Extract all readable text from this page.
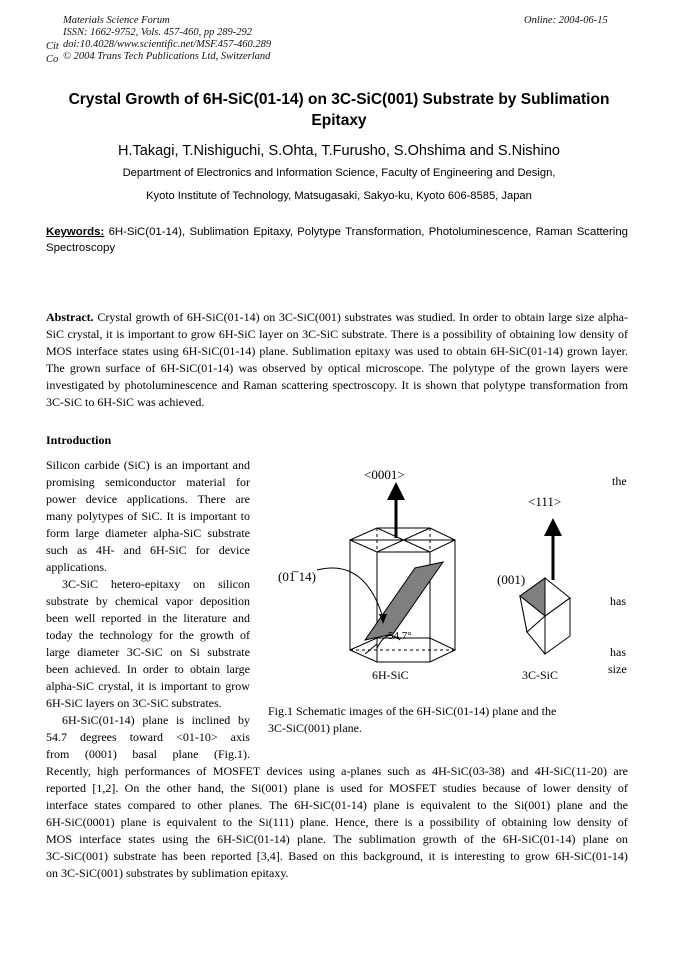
Materials Science Forum
ISSN: 1662-9752, Vols. 457-460, pp 289-292
Cit doi:10.4028/www.scientific.net/MSF.457-460.289
Co © 2004 Trans Tech Publications Ltd, Switzerland
Online: 2004-06-15
Crystal Growth of 6H-SiC(01-14) on 3C-SiC(001) Substrate by Sublimation Epitaxy
H.Takagi, T.Nishiguchi, S.Ohta, T.Furusho, S.Ohshima and S.Nishino
Department of Electronics and Information Science, Faculty of Engineering and Design,
Kyoto Institute of Technology, Matsugasaki, Sakyo-ku, Kyoto 606-8585, Japan
Keywords: 6H-SiC(01-14), Sublimation Epitaxy, Polytype Transformation, Photoluminescence, Raman Scattering Spectroscopy
Abstract. Crystal growth of 6H-SiC(01-14) on 3C-SiC(001) substrates was studied. In order to obtain large size alpha-SiC crystal, it is important to grow 6H-SiC layer on 3C-SiC substrate. There is a possibility of obtaining low density of MOS interface states using 6H-SiC(01-14) plane. Sublimation epitaxy was used to obtain 6H-SiC(01-14) grown layer. The grown surface of 6H-SiC(01-14) was observed by optical microscope. The polytype of the grown layers were investigated by photoluminescence and Raman scattering spectroscopy. It is shown that polytype transformation from 3C-SiC to 6H-SiC was achieved.
Introduction
Silicon carbide (SiC) is an important and
promising semiconductor material for
power device applications. There are
many polytypes of SiC. It is important to
form large diameter alpha-SiC substrate
such as 4H- and 6H-SiC for device
applications.
3C-SiC hetero-epitaxy on silicon
substrate by chemical vapor deposition
been well reported in the literature and
today the technology for the growth of
large diameter 3C-SiC on Si substrate
been achieved. In order to obtain large
alpha-SiC crystal, it is important to grow
6H-SiC layers on 3C-SiC substrates.
6H-SiC(01-14) plane is inclined by
54.7 degrees toward <01-10> axis
from (0001) basal plane (Fig.1).
the
has
has
size
Recently, high performances of MOSFET devices using a-planes such as 4H-SiC(03-38) and 4H-SiC(11-20) are
reported [1,2]. On the other hand, the Si(001) plane is used for MOSFET studies because of lower density of
interface states compared to other planes. The 6H-SiC(01-14) plane is equivalent to the Si(001) plane and the
6H-SiC(0001) plane is equivalent to the Si(111) plane. Hence, there is a possibility of obtaining low density of
MOS interface states using the 6H-SiC(01-14) plane. The sublimation growth of the 6H-SiC(01-14) plane on
3C-SiC(001) substrate has been reported [3,4]. Based on this background, it is interesting to grow 6H-SiC(01-14)
on 3C-SiC(001) substrates by sublimation epitaxy.
<0001>
<111>
(01̅ 14)	(001)
54.7°
6H-SiC	3C-SiC
Fig.1 Schematic images of the 6H-SiC(01-14) plane and the
3C-SiC(001) plane.
